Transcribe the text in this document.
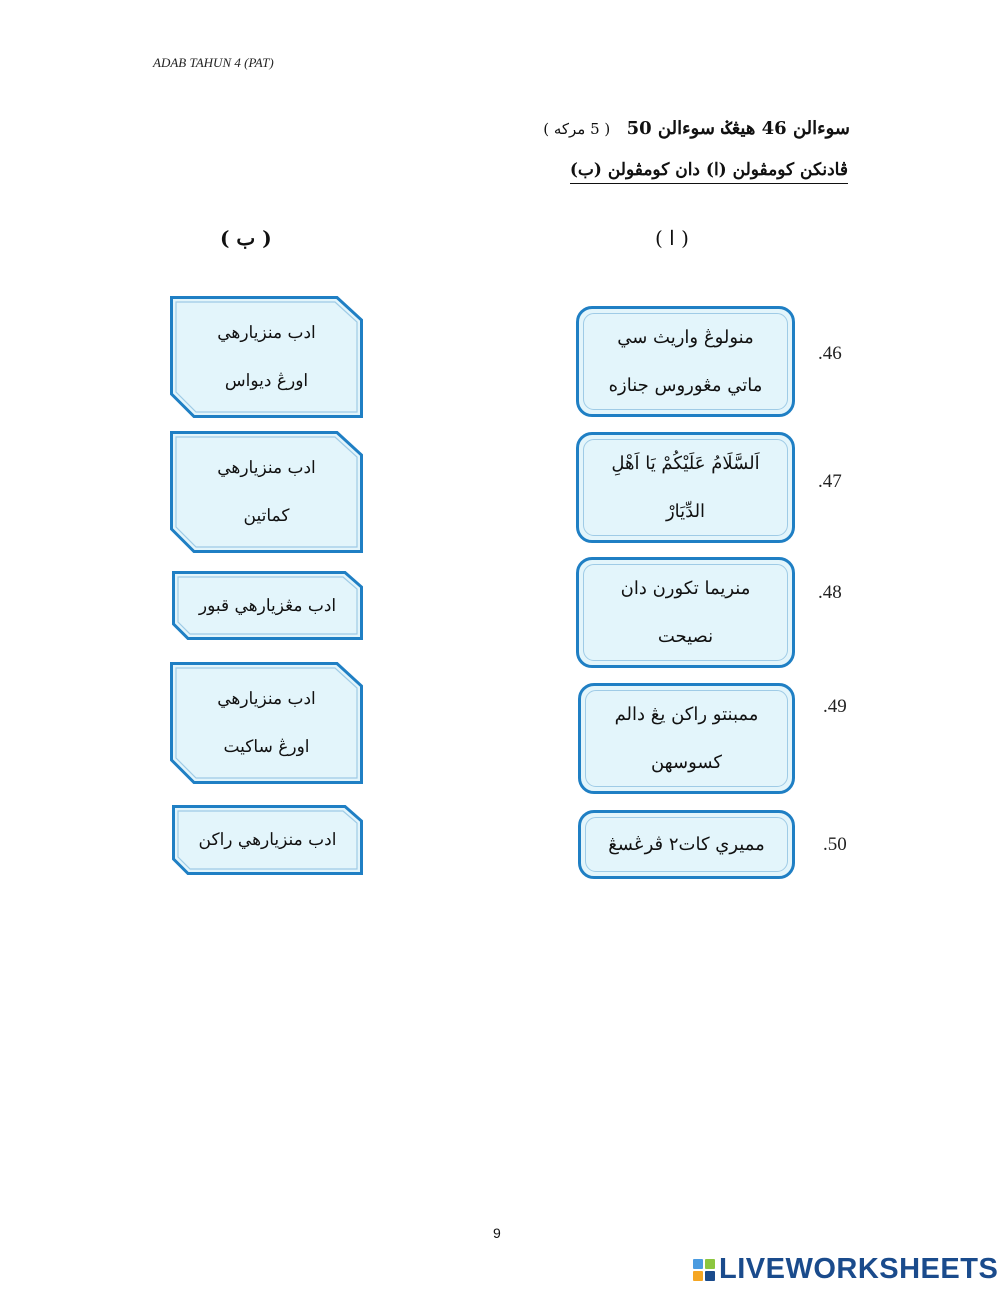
ADAB TAHUN 4 (PAT)
سوءالن 46 هيڠݢ سوءالن 50 ( 5 مركه )
ڤادنكن كومڤولن (ا) دان كومڤولن (ب)
( ا )
( ب )
.46
منولوڠ واريث سي ماتي مڠوروس جنازه
.47
اَلسَّلَامُ عَلَيْكُمْ يَا اَهْلِ الدِّيَارْ
.48
منريما تكورن دان نصيحت
.49
ممبنتو راكن يڠ دالم كسوسهن
.50
مميري كات٢ ڤرڠسڠ
ادب منزيارهي اورڠ ديواس
ادب منزيارهي كماتين
ادب مڠزيارهي قبور
ادب منزيارهي اورڠ ساكيت
ادب منزيارهي راكن
9
LIVEWORKSHEETS
